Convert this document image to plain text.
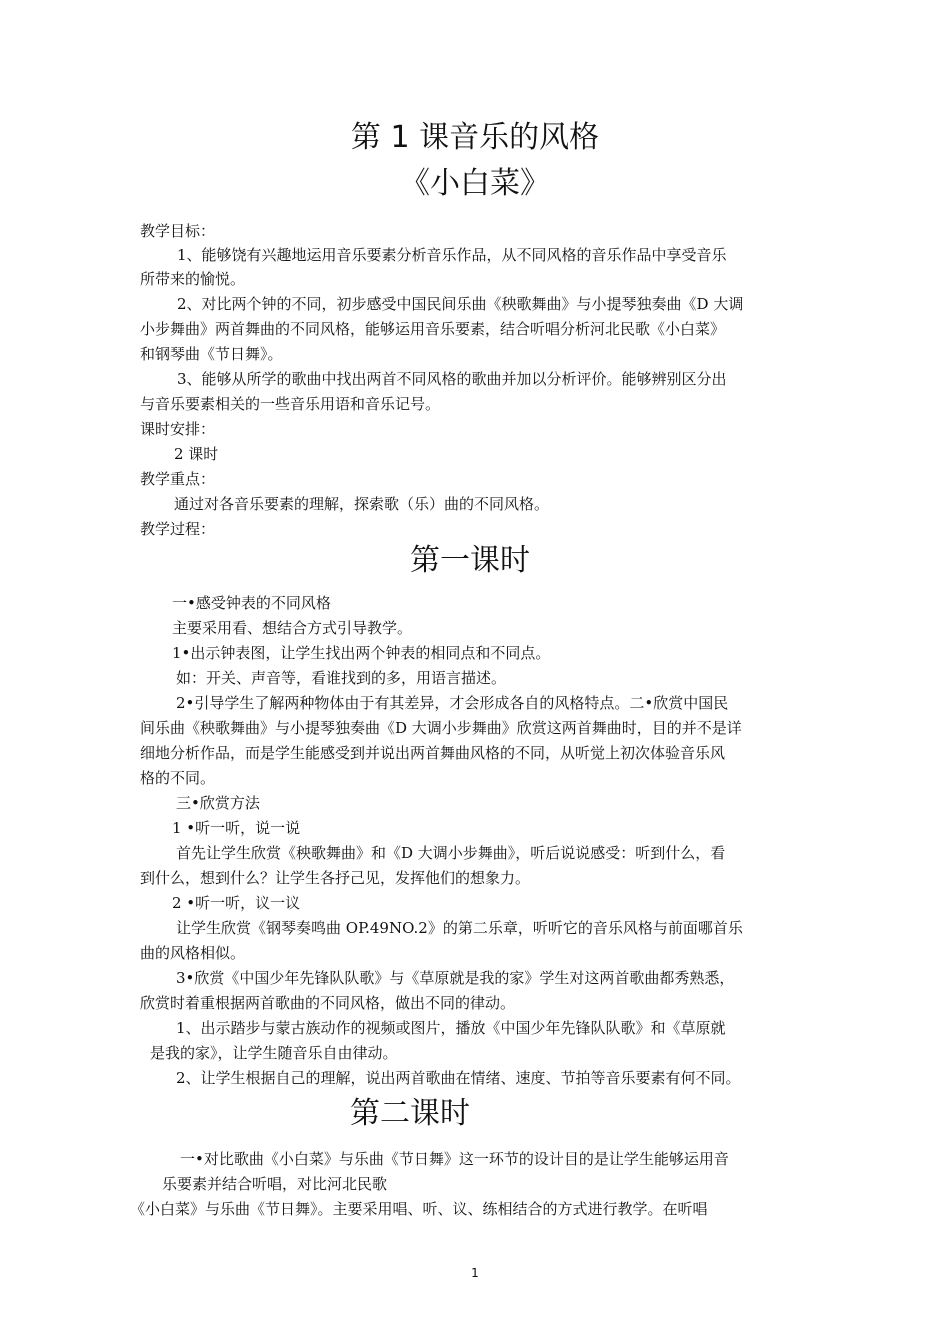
第 1 课音乐的风格
《小白菜》
教学目标：
1、能够饶有兴趣地运用音乐要素分析音乐作品，从不同风格的音乐作品中享受音乐
所带来的愉悦。
2、对比两个钟的不同，初步感受中国民间乐曲《秧歌舞曲》与小提琴独奏曲《D 大调
小步舞曲》两首舞曲的不同风格，能够运用音乐要素，结合听唱分析河北民歌《小白菜》
和钢琴曲《节日舞》。
3、能够从所学的歌曲中找出两首不同风格的歌曲并加以分析评价。能够辨别区分出
与音乐要素相关的一些音乐用语和音乐记号。
课时安排：
2 课时
教学重点：
通过对各音乐要素的理解，探索歌（乐）曲的不同风格。
教学过程：
第一课时
一•感受钟表的不同风格
主要采用看、想结合方式引导教学。
1•出示钟表图，让学生找出两个钟表的相同点和不同点。
如：开关、声音等，看谁找到的多，用语言描述。
2•引导学生了解两种物体由于有其差异，才会形成各自的风格特点。二•欣赏中国民
间乐曲《秧歌舞曲》与小提琴独奏曲《D 大调小步舞曲》欣赏这两首舞曲时，目的并不是详
细地分析作品，而是学生能感受到并说出两首舞曲风格的不同，从听觉上初次体验音乐风
格的不同。
三•欣赏方法
1 •听一听，说一说
首先让学生欣赏《秧歌舞曲》和《D 大调小步舞曲》，听后说说感受：听到什么，看
到什么，想到什么？让学生各抒己见，发挥他们的想象力。
2 •听一听，议一议
让学生欣赏《钢琴奏鸣曲 OP.49NO.2》的第二乐章，听听它的音乐风格与前面哪首乐
曲的风格相似。
3•欣赏《中国少年先锋队队歌》与《草原就是我的家》学生对这两首歌曲都秀熟悉，
欣赏时着重根据两首歌曲的不同风格，做出不同的律动。
1、出示踏步与蒙古族动作的视频或图片，播放《中国少年先锋队队歌》和《草原就
是我的家》，让学生随音乐自由律动。
2、让学生根据自己的理解，说出两首歌曲在情绪、速度、节拍等音乐要素有何不同。
第二课时
一•对比歌曲《小白菜》与乐曲《节日舞》这一环节的设计目的是让学生能够运用音
乐要素并结合听唱，对比河北民歌
《小白菜》与乐曲《节日舞》。主要采用唱、听、议、练相结合的方式进行教学。在听唱
1
